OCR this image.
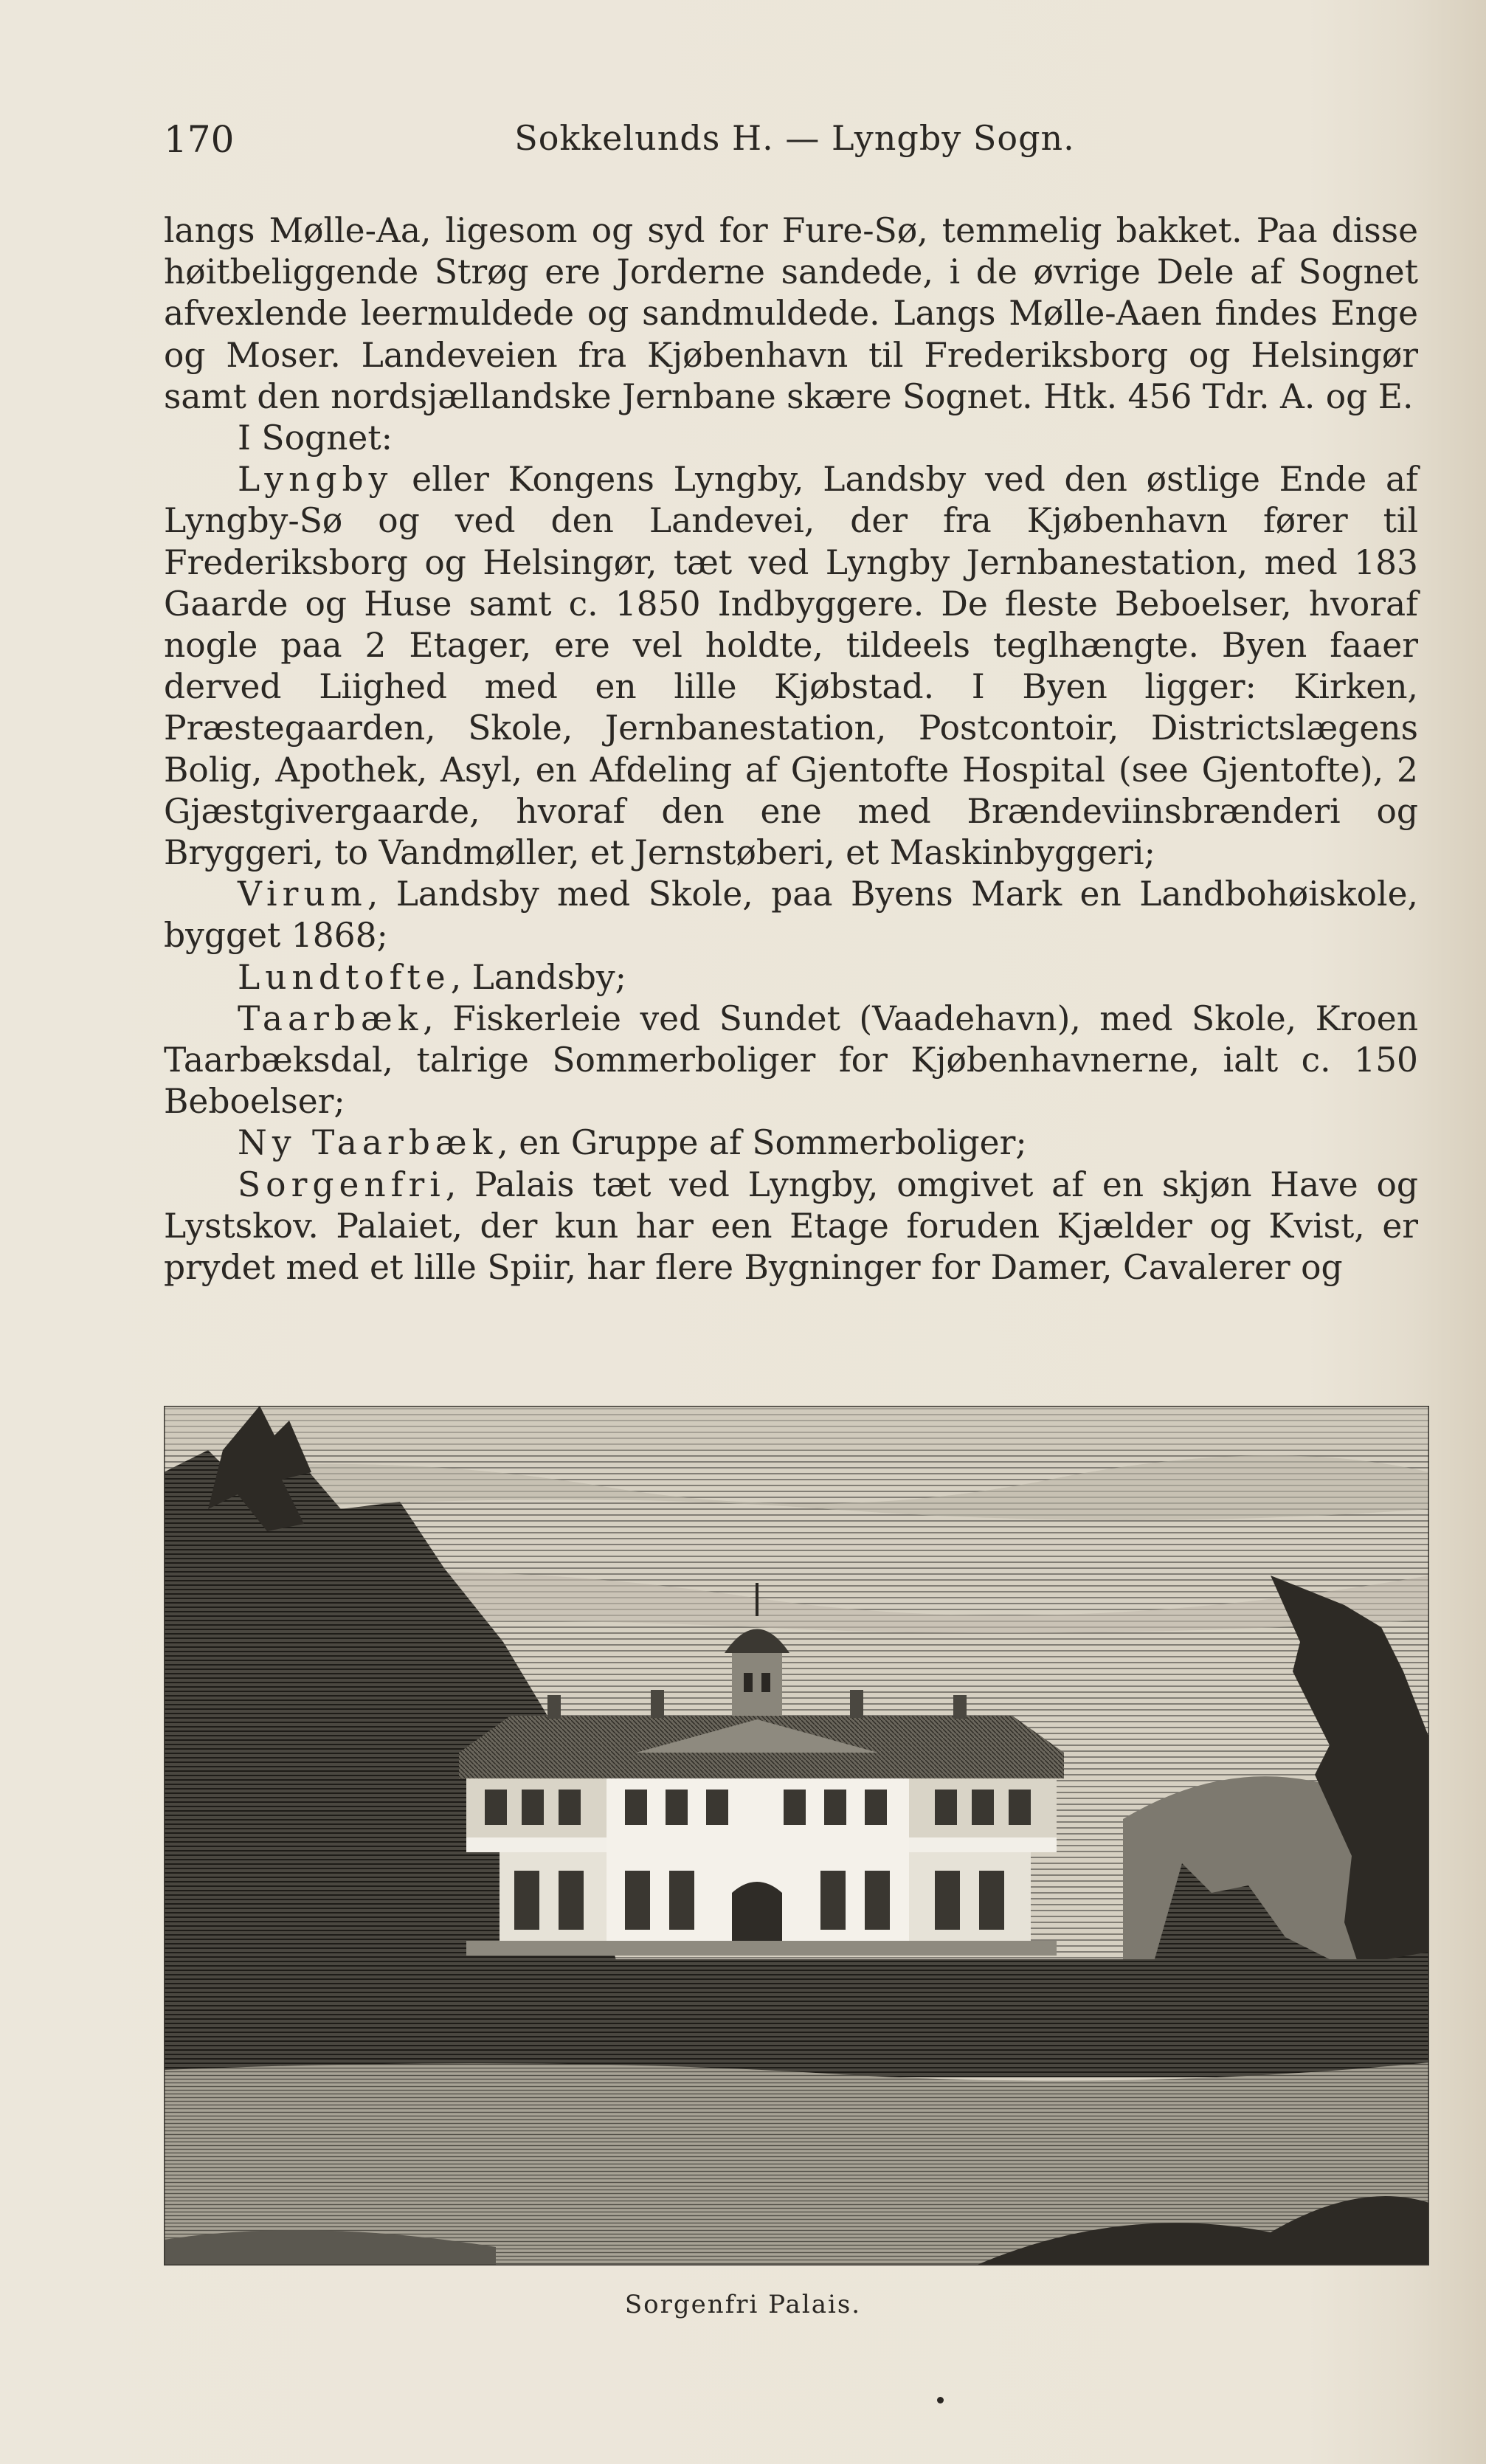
170	Sokkelunds H. — Lyngby Sogn.

langs Mølle-Aa, ligesom og syd for Fure-Sø, temmelig bakket. Paa disse høitbeliggende Strøg ere Jorderne sandede, i de øvrige Dele af Sognet afvexlende leermuldede og sandmuldede. Langs Mølle-Aaen findes Enge og Moser. Landeveien fra Kjøbenhavn til Frederiksborg og Helsingør samt den nordsjællandske Jernbane skære Sognet. Htk. 456 Tdr. A. og E.

I Sognet:

Lyngby eller Kongens Lyngby, Landsby ved den østlige Ende af Lyngby-Sø og ved den Landevei, der fra Kjøbenhavn fører til Frederiksborg og Helsingør, tæt ved Lyngby Jernbanestation, med 183 Gaarde og Huse samt c. 1850 Indbyggere. De fleste Beboelser, hvoraf nogle paa 2 Etager, ere vel holdte, tildeels teglhængte. Byen faaer derved Liighed med en lille Kjøbstad. I Byen ligger: Kirken, Præstegaarden, Skole, Jernbanestation, Postcontoir, Districtslægens Bolig, Apothek, Asyl, en Afdeling af Gjentofte Hospital (see Gjentofte), 2 Gjæstgivergaarde, hvoraf den ene med Brændeviinsbrænderi og Bryggeri, to Vandmøller, et Jernstøberi, et Maskinbyggeri;

Virum, Landsby med Skole, paa Byens Mark en Landbohøiskole, bygget 1868;

Lundtofte, Landsby;

Taarbæk, Fiskerleie ved Sundet (Vaadehavn), med Skole, Kroen Taarbæksdal, talrige Sommerboliger for Kjøbenhavnerne, ialt c. 150 Beboelser;

Ny Taarbæk, en Gruppe af Sommerboliger;

Sorgenfri, Palais tæt ved Lyngby, omgivet af en skjøn Have og Lystskov. Palaiet, der kun har een Etage foruden Kjælder og Kvist, er prydet med et lille Spiir, har flere Bygninger for Damer, Cavalerer og

Sorgenfri Palais.
